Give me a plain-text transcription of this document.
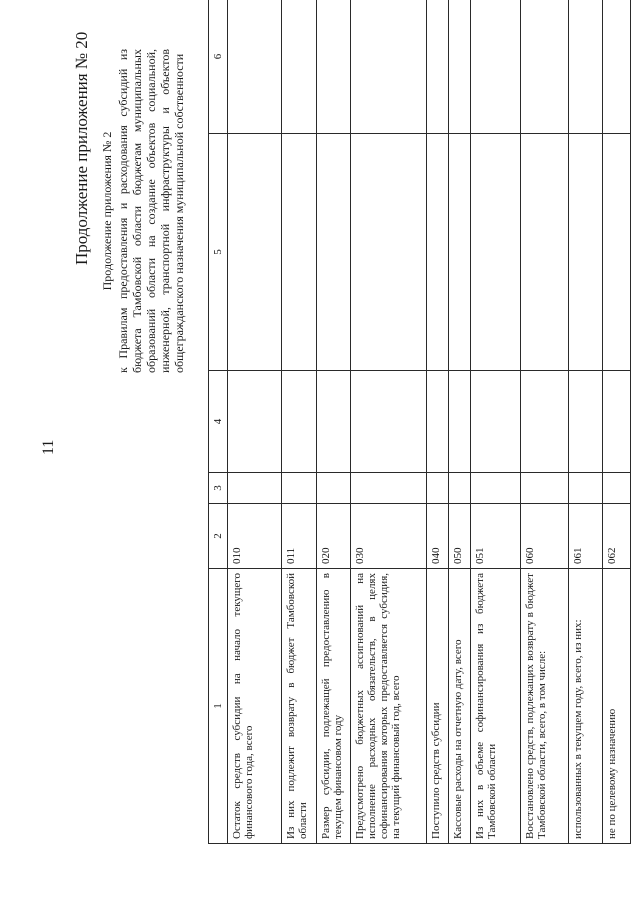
11
Продолжение приложения № 20 Продолжение приложения № 2 к Правилам предоставления и расходования субсидий из бюджета Тамбовской области бюджетам муниципальных образований области на создание объектов социальной, инженерной, транспортной инфраструктуры и объектов общегражданского назначения муниципальной собственности
1	2	3	4	5	6
Остаток средств субсидии на начало текущего финансового года, всего	010				
Из них подлежит возврату в бюджет Тамбовской области	011				
Размер субсидии, подлежащей предоставлению в текущем финансовом году	020				
Предусмотрено бюджетных ассигнований на исполнение расходных обязательств, в целях софинансирования которых предоставляется субсидия, на текущий финансовый год, всего	030				
Поступило средств субсидии	040				
Кассовые расходы на отчетную дату, всего	050				
Из них в объеме софинансирования из бюджета Тамбовской области	051				
Восстановлено средств, подлежащих возврату в бюджет Тамбовской области, всего, в том числе:	060				
использованных в текущем году, всего, из них:	061				
не по целевому назначению	062				
